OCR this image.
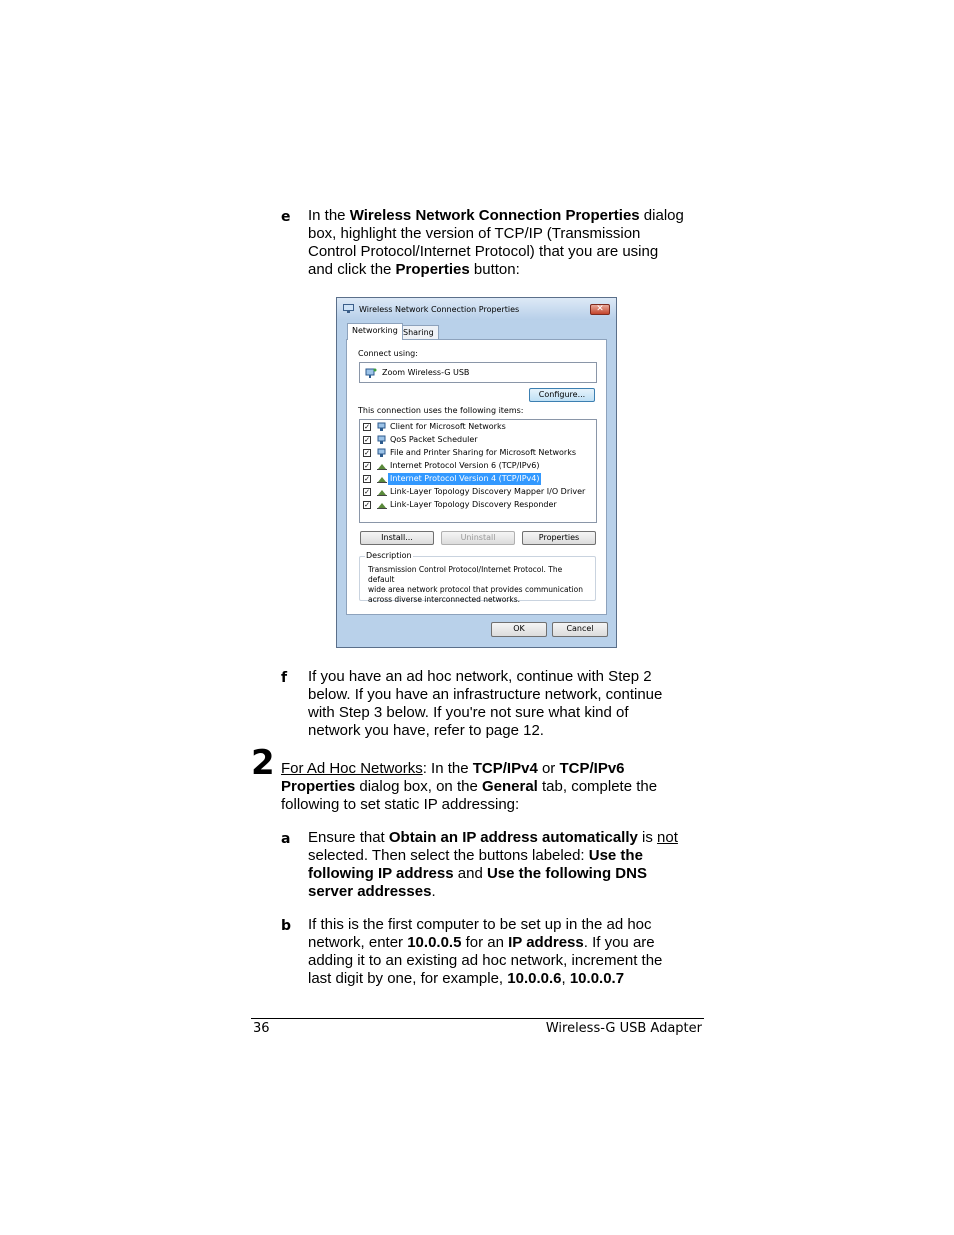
e In the Wireless Network Connection Properties dialog
box, highlight the version of TCP/IP (Transmission
Control Protocol/Internet Protocol) that you are using
and click the Properties button:
Wireless Network Connection Properties	✕
Networking Sharing
Connect using:
Zoom Wireless-G USB
Configure...
This connection uses the following items:
✓	Client for Microsoft Networks
✓	QoS Packet Scheduler
✓	File and Printer Sharing for Microsoft Networks
✓	Internet Protocol Version 6 (TCP/IPv6)
✓	Internet Protocol Version 4 (TCP/IPv4)
✓	Link-Layer Topology Discovery Mapper I/O Driver
✓	Link-Layer Topology Discovery Responder
Install...	Uninstall	Properties
Description
Transmission Control Protocol/Internet Protocol. The default
wide area network protocol that provides communication
across diverse interconnected networks.
OK	Cancel
f If you have an ad hoc network, continue with Step 2
below. If you have an infrastructure network, continue
with Step 3 below. If you're not sure what kind of
network you have, refer to page 12.
2 For Ad Hoc Networks: In the TCP/IPv4 or TCP/IPv6
Properties dialog box, on the General tab, complete the
following to set static IP addressing:
a Ensure that Obtain an IP address automatically is not
selected. Then select the buttons labeled: Use the
following IP address and Use the following DNS
server addresses.
b If this is the first computer to be set up in the ad hoc
network, enter 10.0.0.5 for an IP address. If you are
adding it to an existing ad hoc network, increment the
last digit by one, for example, 10.0.0.6, 10.0.0.7
36	Wireless-G USB Adapter
